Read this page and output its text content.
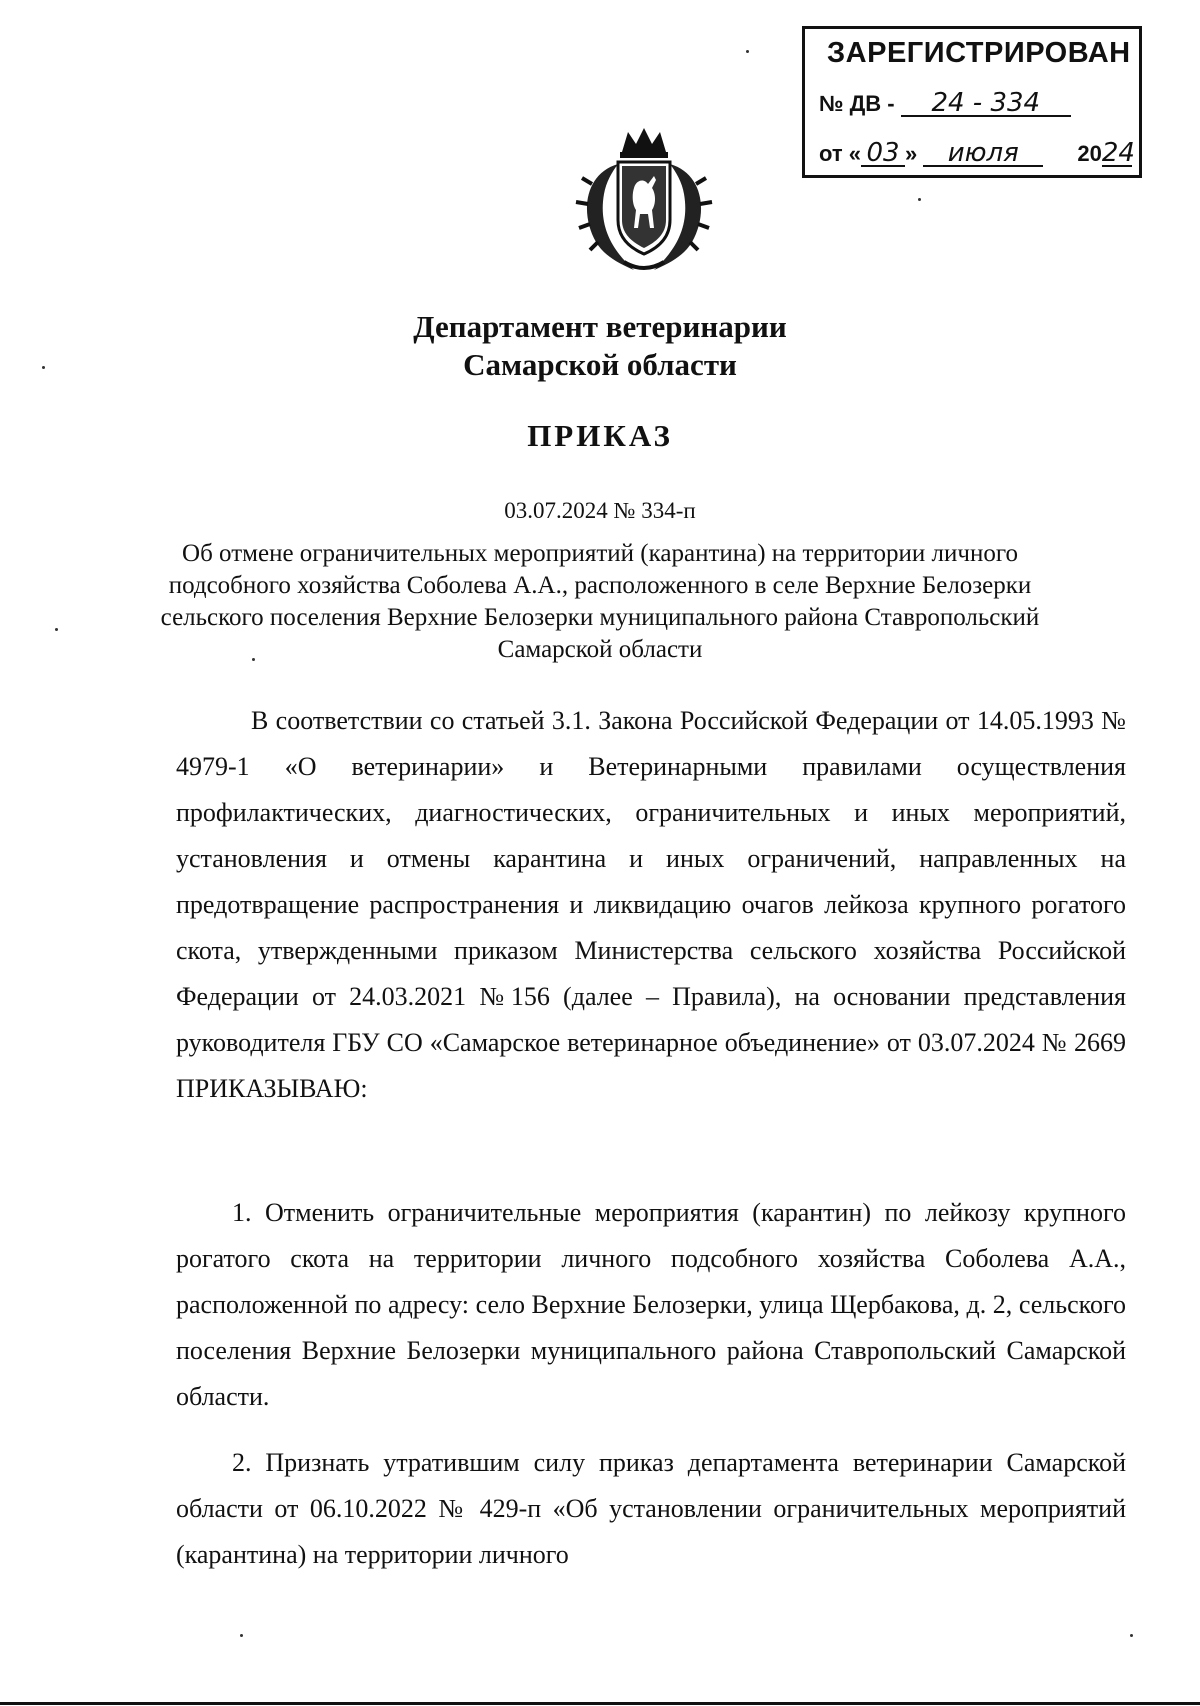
ЗАРЕГИСТРИРОВАН
№ ДВ - 24 - 334
от « 03 » июля	2024
Департамент ветеринарии
Самарской области
ПРИКАЗ
03.07.2024 № 334-п
Об отмене ограничительных мероприятий (карантина) на территории личного подсобного хозяйства Соболева А.А., расположенного в селе Верхние Белозерки сельского поселения Верхние Белозерки муниципального района Ставропольский Самарской области
В соответствии со статьей 3.1. Закона Российской Федерации от 14.05.1993 № 4979-1 «О ветеринарии» и Ветеринарными правилами осуществления профилактических, диагностических, ограничительных и иных мероприятий, установления и отмены карантина и иных ограничений, направленных на предотвращение распространения и ликвидацию очагов лейкоза крупного рогатого скота, утвержденными приказом Министерства сельского хозяйства Российской Федерации от 24.03.2021 №156 (далее – Правила), на основании представления руководителя ГБУ СО «Самарское ветеринарное объединение» от 03.07.2024 № 2669 ПРИКАЗЫВАЮ:
1. Отменить ограничительные мероприятия (карантин) по лейкозу крупного рогатого скота на территории личного подсобного хозяйства Соболева А.А., расположенной по адресу: село Верхние Белозерки, улица Щербакова, д. 2, сельского поселения Верхние Белозерки муниципального района Ставропольский Самарской области.
2. Признать утратившим силу приказ департамента ветеринарии Самарской области от 06.10.2022 № 429-п «Об установлении ограничительных мероприятий (карантина) на территории личного
